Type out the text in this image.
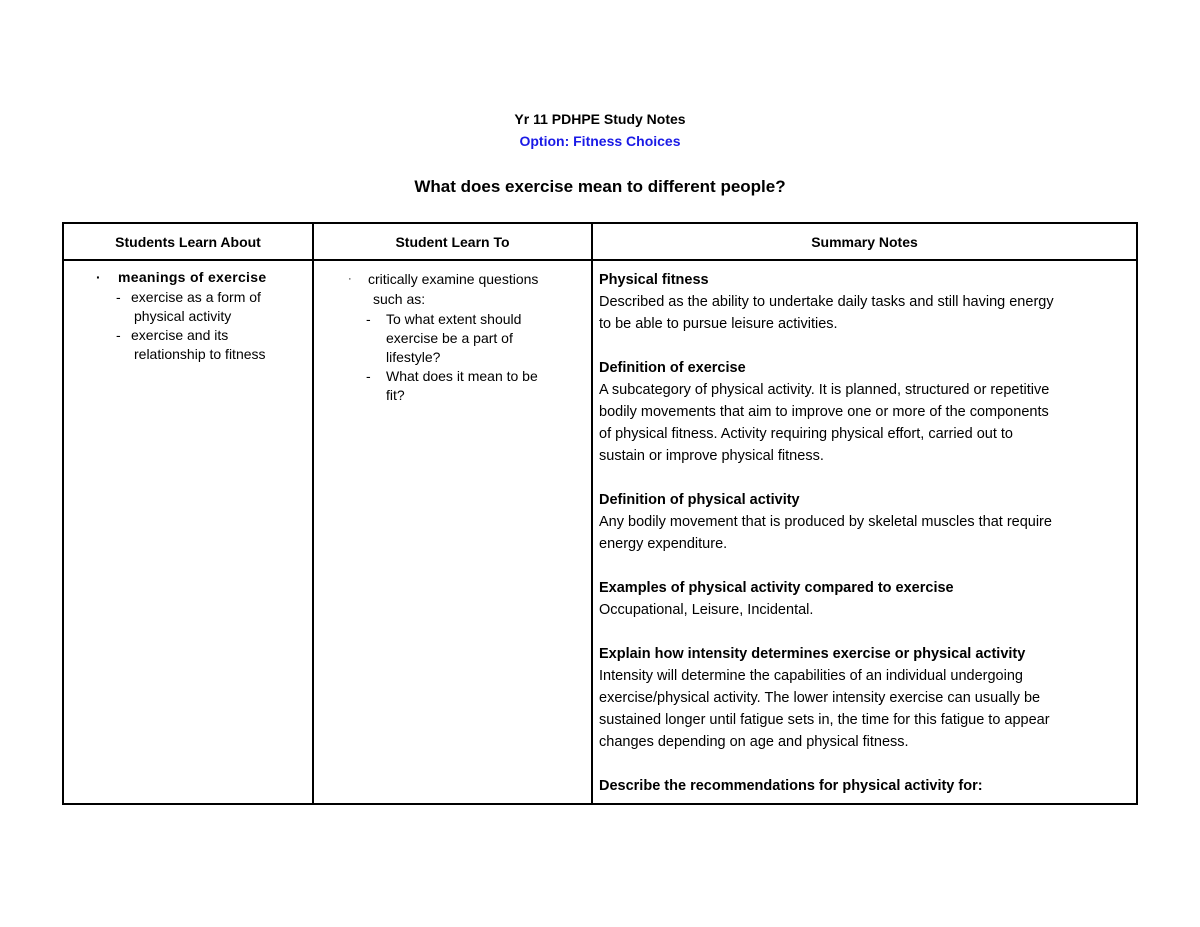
Yr 11 PDHPE Study Notes
Option: Fitness Choices
What does exercise mean to different people?
Students Learn About	Student Learn To	Summary Notes
· meanings of exercise
- exercise as a form of
physical activity
- exercise and its
relationship to fitness
· critically examine questions
such as:
- To what extent should
exercise be a part of
lifestyle?
- What does it mean to be
fit?
Physical fitness
Described as the ability to undertake daily tasks and still having energy
to be able to pursue leisure activities.
Definition of exercise
A subcategory of physical activity. It is planned, structured or repetitive
bodily movements that aim to improve one or more of the components
of physical fitness. Activity requiring physical effort, carried out to
sustain or improve physical fitness.
Definition of physical activity
Any bodily movement that is produced by skeletal muscles that require
energy expenditure.
Examples of physical activity compared to exercise
Occupational, Leisure, Incidental.
Explain how intensity determines exercise or physical activity
Intensity will determine the capabilities of an individual undergoing
exercise/physical activity. The lower intensity exercise can usually be
sustained longer until fatigue sets in, the time for this fatigue to appear
changes depending on age and physical fitness.
Describe the recommendations for physical activity for:
